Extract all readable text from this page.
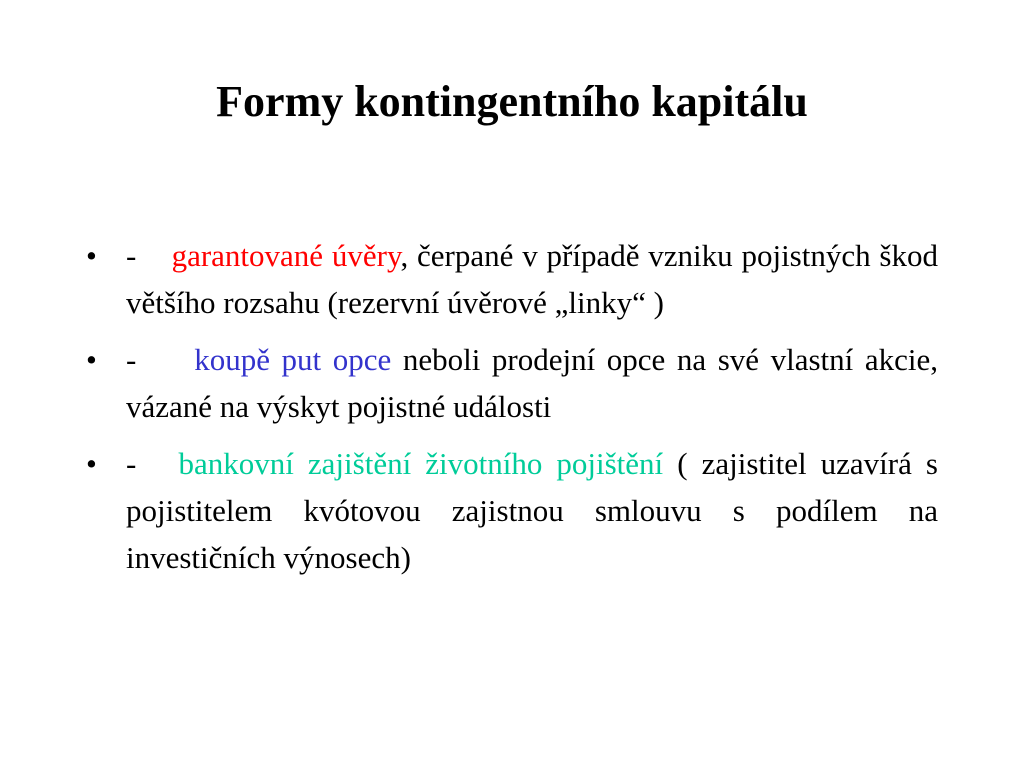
Formy kontingentního kapitálu
• -    garantované úvěry, čerpané v případě vzniku pojistných škod většího rozsahu (rezervní úvěrové „linky“ )
• -     koupě put opce neboli prodejní opce na své vlastní akcie, vázané na výskyt pojistné události
• -   bankovní zajištění životního pojištění ( zajistitel uzavírá s pojistitelem kvótovou zajistnou smlouvu s podílem na investičních výnosech)
